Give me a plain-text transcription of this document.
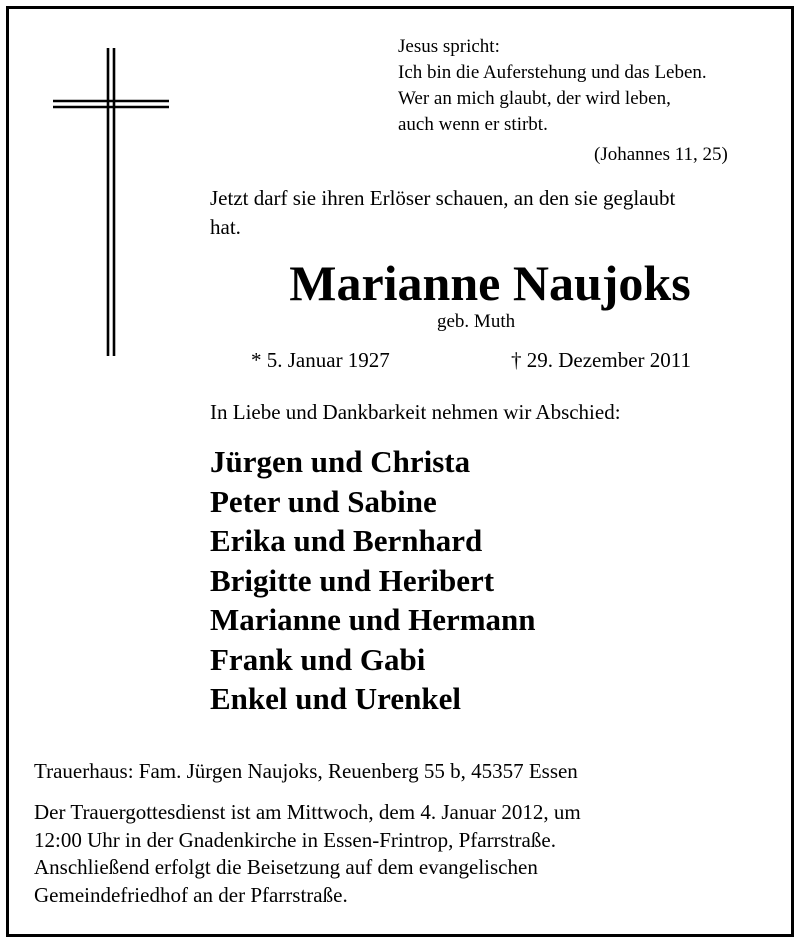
Jesus spricht:
Ich bin die Auferstehung und das Leben.
Wer an mich glaubt, der wird leben,
auch wenn er stirbt.
(Johannes 11, 25)
Jetzt darf sie ihren Erlöser schauen, an den sie geglaubt hat.
Marianne Naujoks
geb. Muth
* 5. Januar 1927	† 29. Dezember 2011
In Liebe und Dankbarkeit nehmen wir Abschied:
Jürgen und Christa
Peter und Sabine
Erika und Bernhard
Brigitte und Heribert
Marianne und Hermann
Frank und Gabi
Enkel und Urenkel
Trauerhaus: Fam. Jürgen Naujoks, Reuenberg 55 b, 45357 Essen
Der Trauergottesdienst ist am Mittwoch, dem 4. Januar 2012, um
12:00 Uhr in der Gnadenkirche in Essen-Frintrop, Pfarrstraße.
Anschließend erfolgt die Beisetzung auf dem evangelischen
Gemeindefriedhof an der Pfarrstraße.
